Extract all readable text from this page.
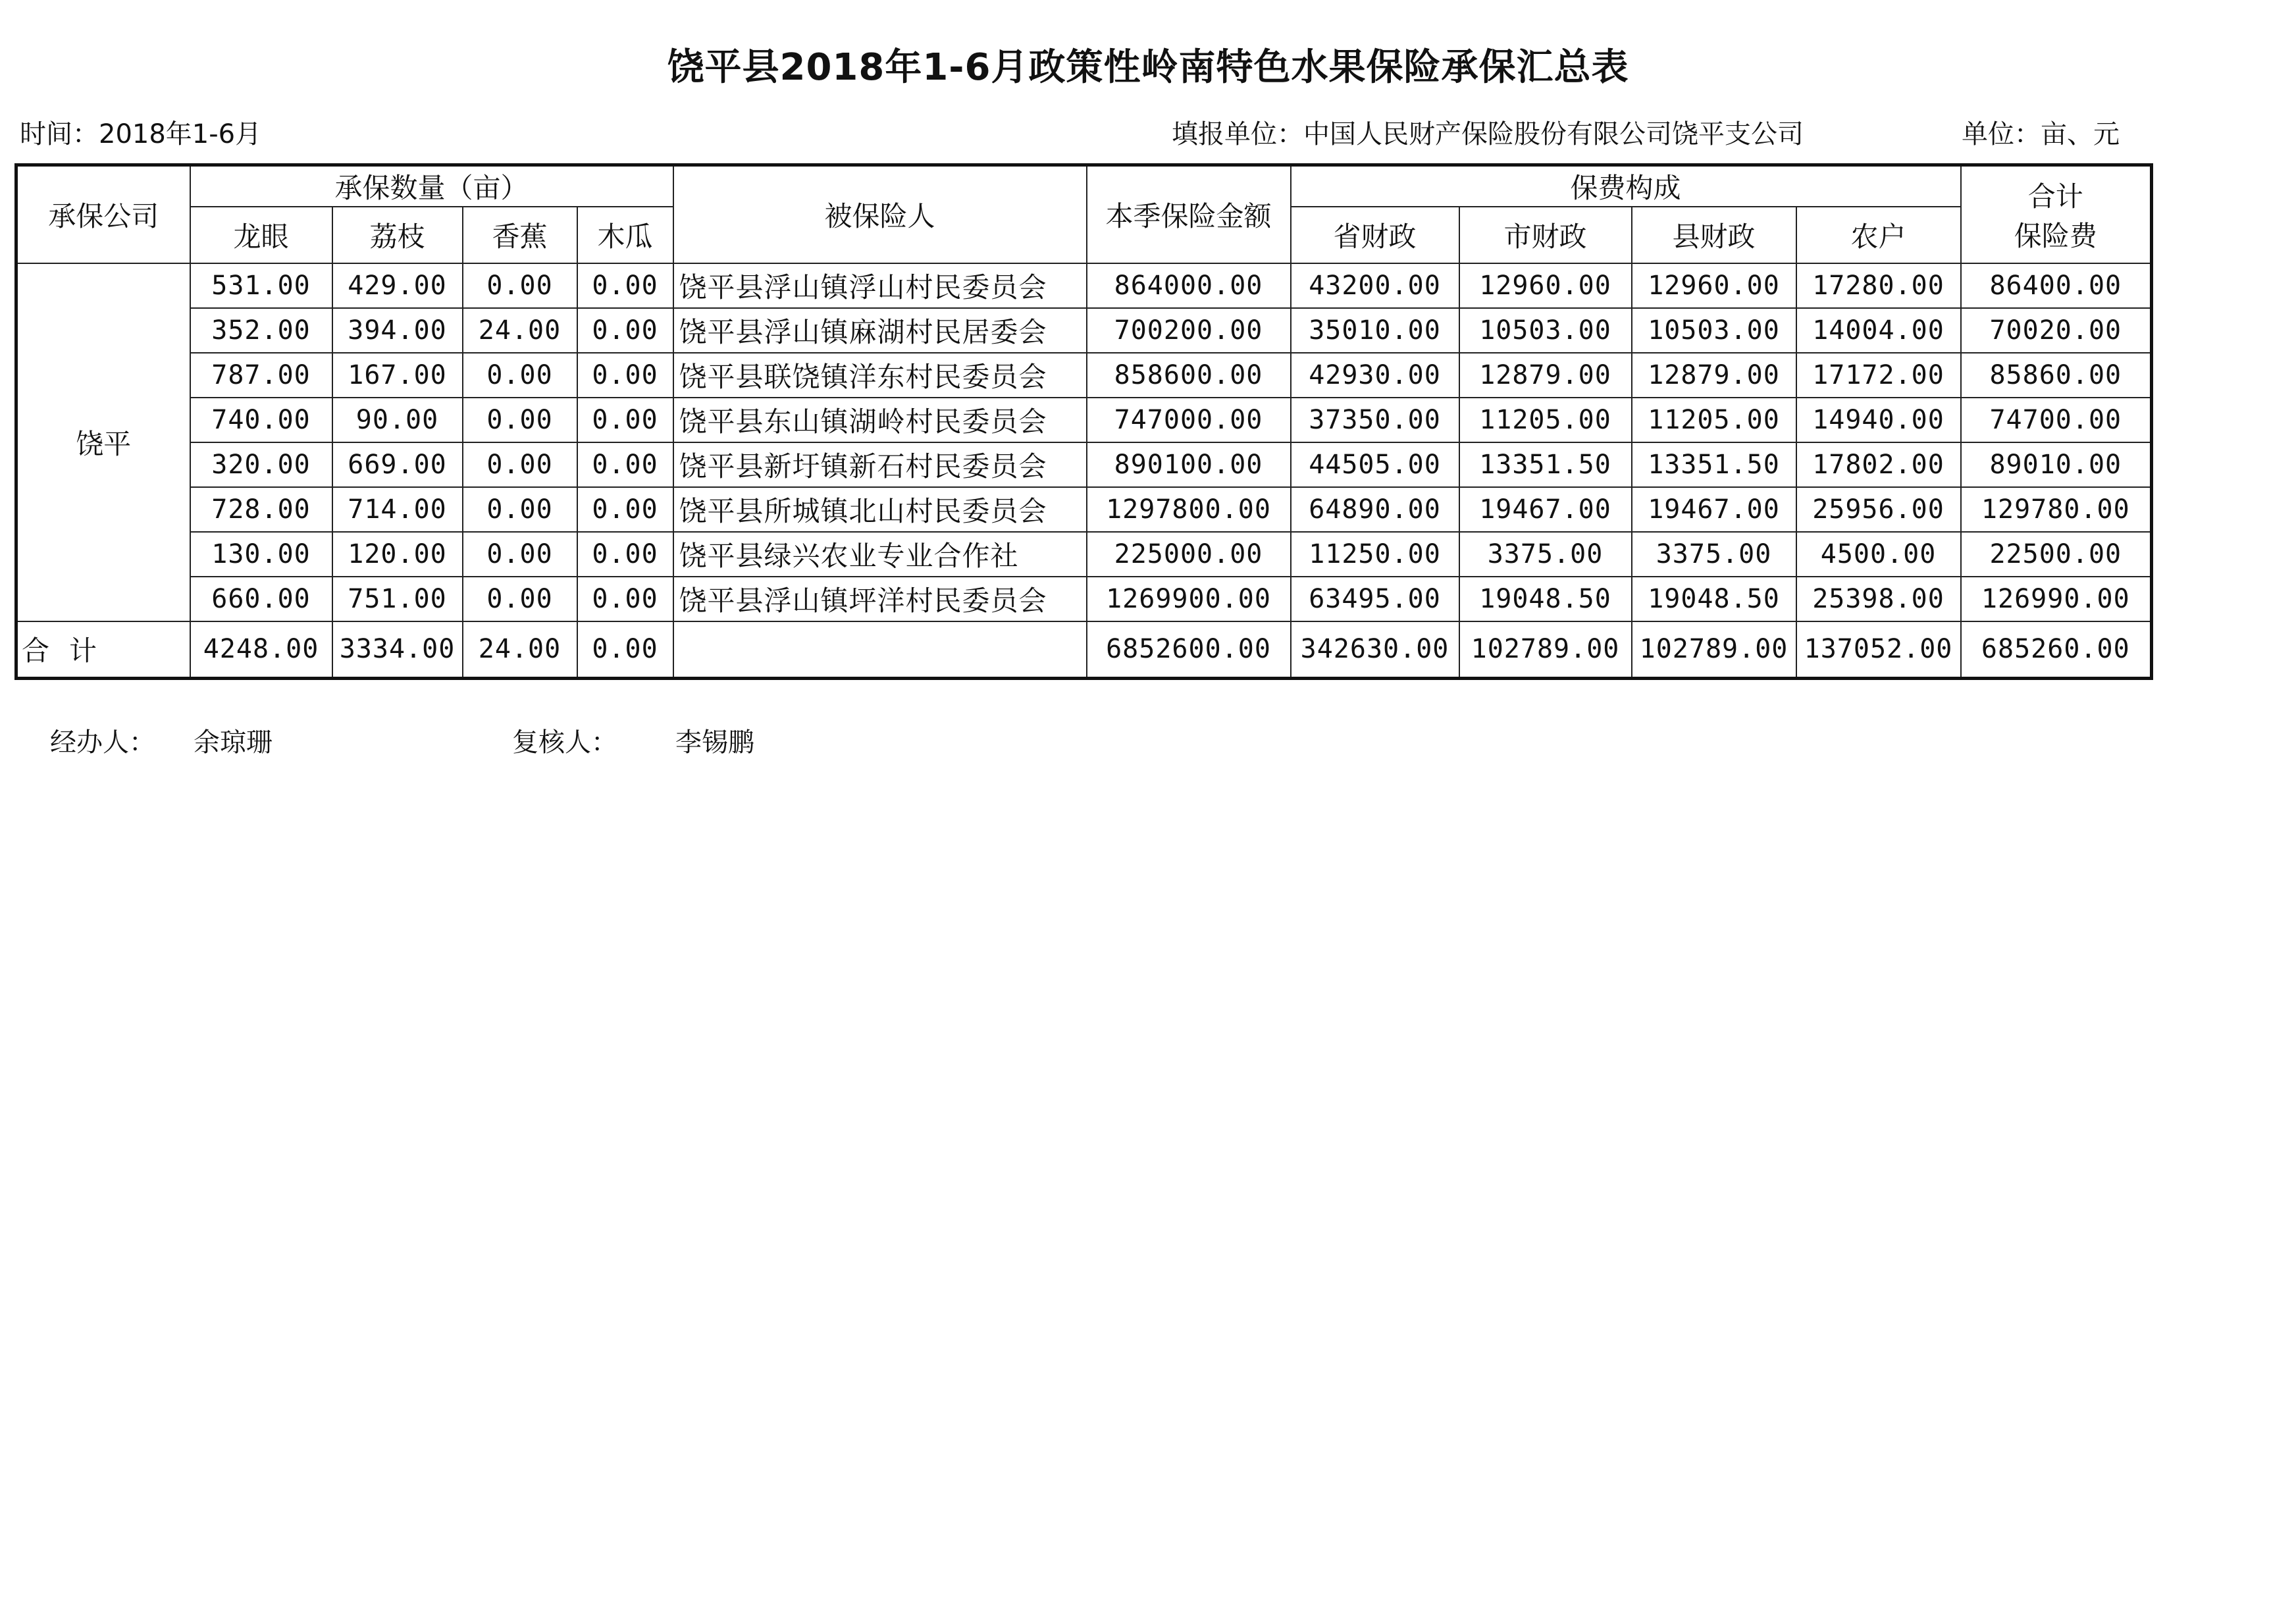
饶平县2018年1-6月政策性岭南特色水果保险承保汇总表
时间：2018年1-6月	填报单位：中国人民财产保险股份有限公司饶平支公司	单位：亩、元
承保公司	承保数量（亩）				被保险人	本季保险金额	保费构成				合计
保险费

	龙眼	荔枝	香蕉	木瓜			省财政	市财政	县财政	农户	
饶平	531.00	429.00	0.00	0.00	饶平县浮山镇浮山村民委员会	864000.00	43200.00	12960.00	12960.00	17280.00	86400.00
	352.00	394.00	24.00	0.00	饶平县浮山镇麻湖村民居委会	700200.00	35010.00	10503.00	10503.00	14004.00	70020.00
	787.00	167.00	0.00	0.00	饶平县联饶镇洋东村民委员会	858600.00	42930.00	12879.00	12879.00	17172.00	85860.00
	740.00	90.00	0.00	0.00	饶平县东山镇湖岭村民委员会	747000.00	37350.00	11205.00	11205.00	14940.00	74700.00
	320.00	669.00	0.00	0.00	饶平县新圩镇新石村民委员会	890100.00	44505.00	13351.50	13351.50	17802.00	89010.00
	728.00	714.00	0.00	0.00	饶平县所城镇北山村民委员会	1297800.00	64890.00	19467.00	19467.00	25956.00	129780.00
	130.00	120.00	0.00	0.00	饶平县绿兴农业专业合作社	225000.00	11250.00	3375.00	3375.00	4500.00	22500.00
	660.00	751.00	0.00	0.00	饶平县浮山镇坪洋村民委员会	1269900.00	63495.00	19048.50	19048.50	25398.00	126990.00
合计	4248.00	3334.00	24.00	0.00		6852600.00	342630.00	102789.00	102789.00	137052.00	685260.00
经办人： 余琼珊	复核人： 李锡鹏
